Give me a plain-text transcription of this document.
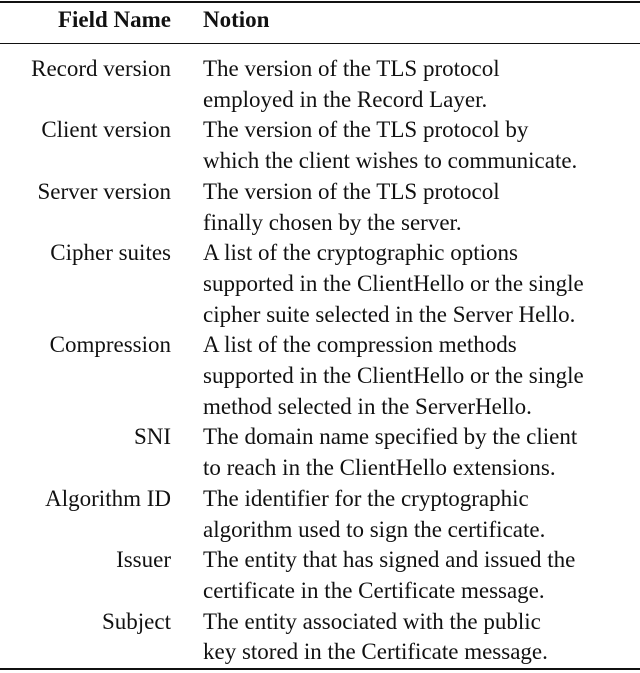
Field Name Notion
Record version The version of the TLS protocol
employed in the Record Layer.
Client version The version of the TLS protocol by
which the client wishes to communicate.
Server version The version of the TLS protocol
finally chosen by the server.
Cipher suites A list of the cryptographic options
supported in the ClientHello or the single
cipher suite selected in the Server Hello.
Compression A list of the compression methods
supported in the ClientHello or the single
method selected in the ServerHello.
SNI The domain name specified by the client
to reach in the ClientHello extensions.
Algorithm ID The identifier for the cryptographic
algorithm used to sign the certificate.
Issuer The entity that has signed and issued the
certificate in the Certificate message.
Subject The entity associated with the public
key stored in the Certificate message.
